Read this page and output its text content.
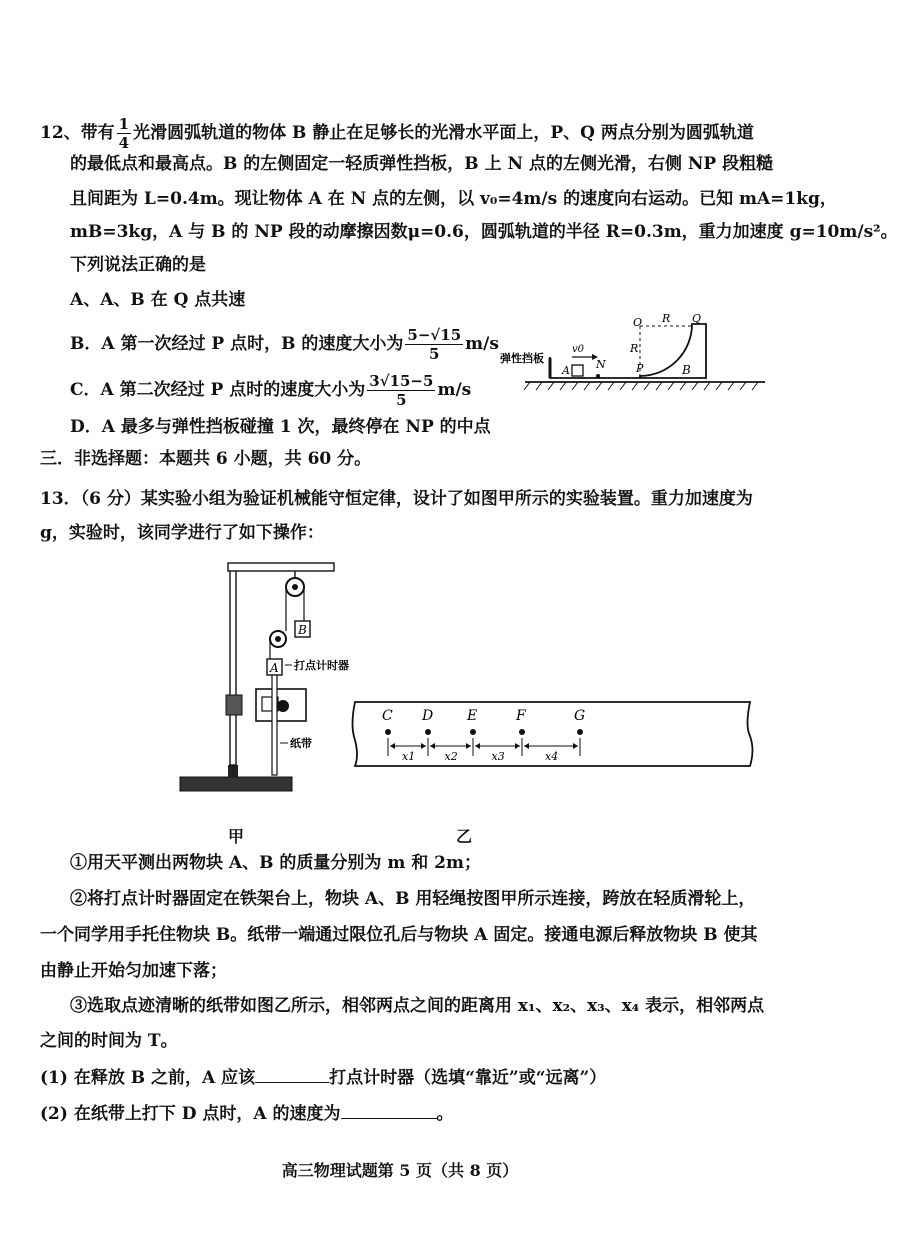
12、带有 $\frac{1}{4}$ 光滑圆弧轨道的物体 B 静止在足够长的光滑水平面上，P、Q 两点分别为圆弧轨道
的最低点和最高点。B 的左侧固定一轻质弹性挡板，B 上 N 点的左侧光滑，右侧 NP 段粗糙
且间距为 L=0.4m。现让物体 A 在 N 点的左侧，以 v₀=4m/s 的速度向右运动。已知 mA=1kg，
mB=3kg，A 与 B 的 NP 段的动摩擦因数μ=0.6，圆弧轨道的半径 R=0.3m，重力加速度 g=10m/s²。
下列说法正确的是
A、A、B 在 Q 点共速
B．A 第一次经过 P 点时，B 的速度大小为 $\frac{5-√15}{5} m/s$
C．A 第二次经过 P 点时的速度大小为 $\frac{3√15-5}{5} m/s$
D．A 最多与弹性挡板碰撞 1 次，最终停在 NP 的中点
弹性挡板
v0
A N	P	B
O
R
R Q
三．非选择题：本题共 6 小题，共 60 分。
13．（6 分）某实验小组为验证机械能守恒定律，设计了如图甲所示的实验装置。重力加速度为
g，实验时，该同学进行了如下操作：
B
A 打点计时器
纸带
甲
C D E	F	G
x1	x2	x3	x4
乙
①用天平测出两物块 A、B 的质量分别为 m 和 2m；
②将打点计时器固定在铁架台上，物块 A、B 用轻绳按图甲所示连接，跨放在轻质滑轮上，
一个同学用手托住物块 B。纸带一端通过限位孔后与物块 A 固定。接通电源后释放物块 B 使其
由静止开始匀加速下落；
③选取点迹清晰的纸带如图乙所示，相邻两点之间的距离用 x₁、x₂、x₃、x₄ 表示，相邻两点
之间的时间为 T。
(1) 在释放 B 之前，A 应该	打点计时器（选填“靠近”或“远离”）
(2) 在纸带上打下 D 点时，A 的速度为	。
高三物理试题第 5 页（共 8 页）
